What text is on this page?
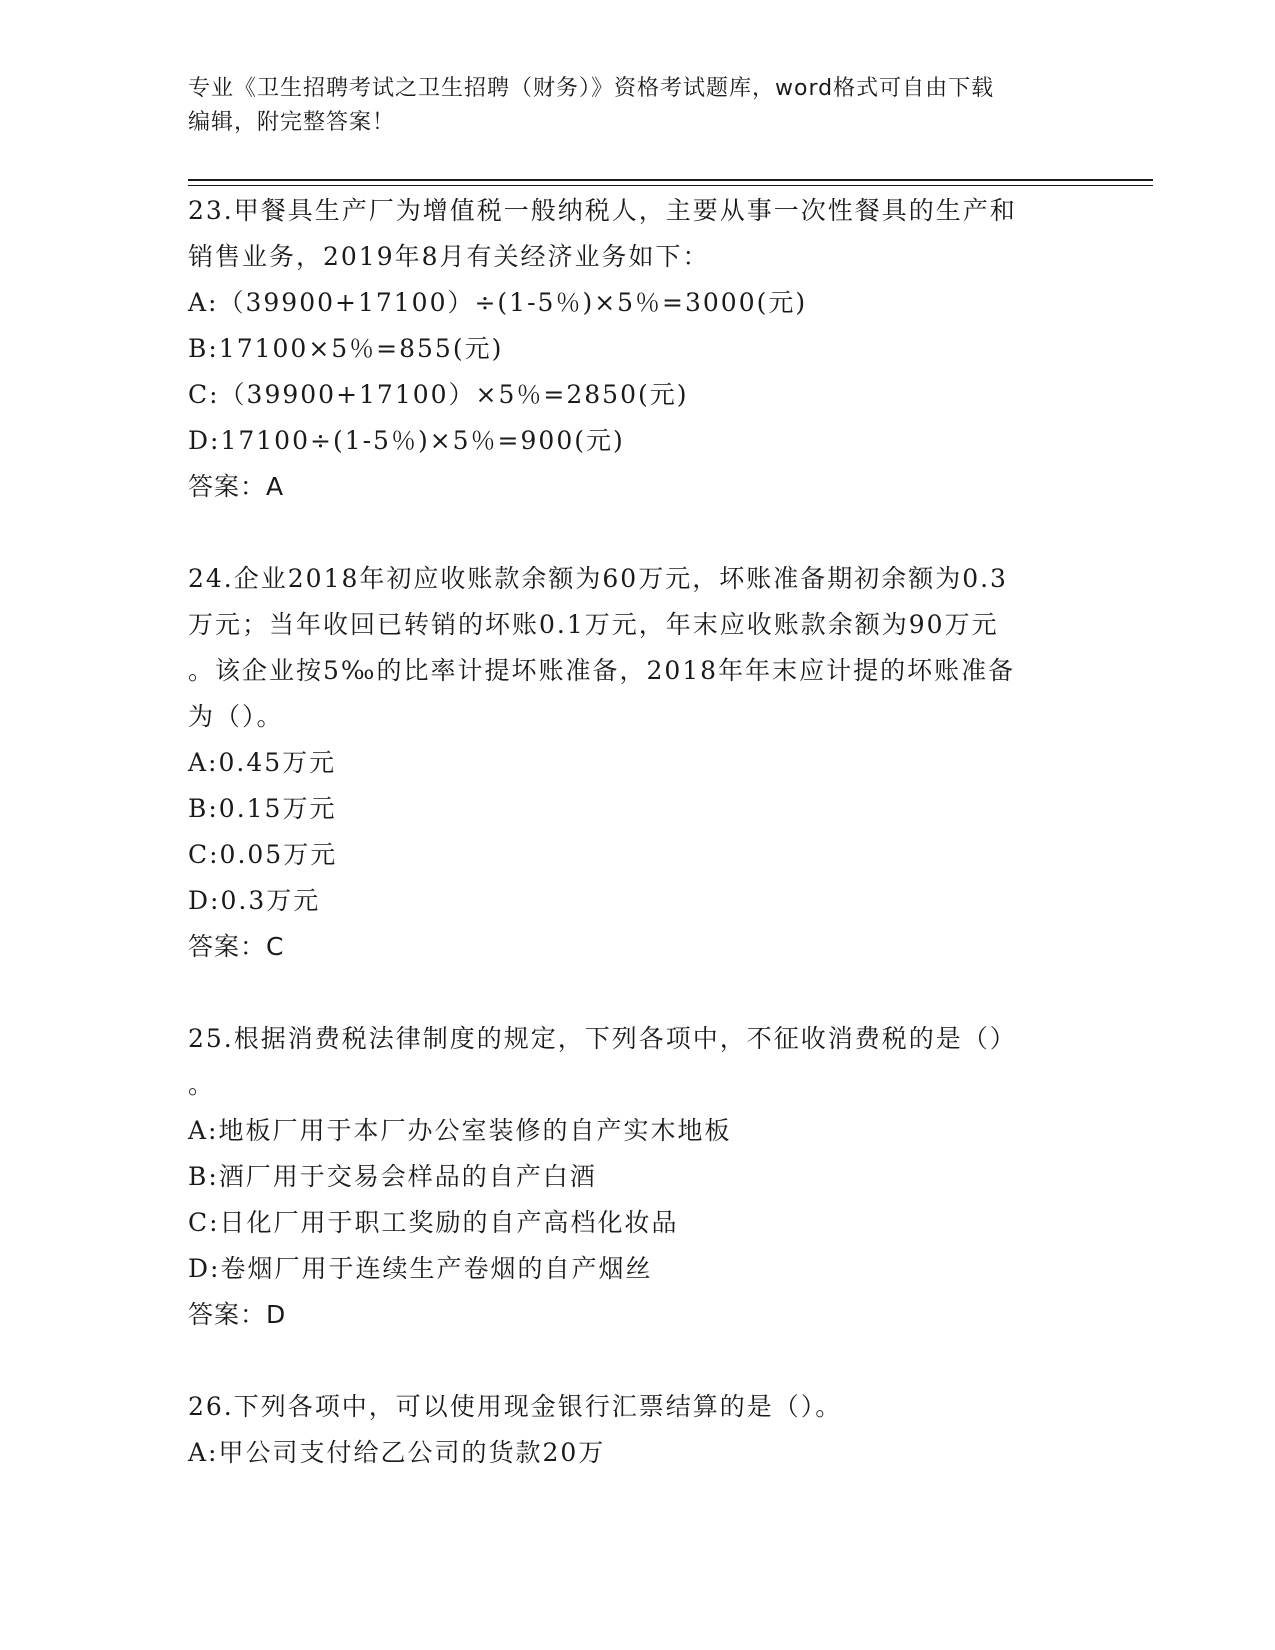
专业《卫生招聘考试之卫生招聘（财务）》资格考试题库，word格式可自由下载
编辑，附完整答案！
23.甲餐具生产厂为增值税一般纳税人，主要从事一次性餐具的生产和
销售业务，2019年8月有关经济业务如下：
A:（39900+17100）÷(1-5％)×5％=3000(元)
B:17100×5％=855(元)
C:（39900+17100）×5％=2850(元)
D:17100÷(1-5％)×5％=900(元)
答案：A
24.企业2018年初应收账款余额为60万元，坏账准备期初余额为0.3
万元；当年收回已转销的坏账0.1万元，年末应收账款余额为90万元
。该企业按5‰的比率计提坏账准备，2018年年末应计提的坏账准备
为（）。
A:0.45万元
B:0.15万元
C:0.05万元
D:0.3万元
答案：C
25.根据消费税法律制度的规定，下列各项中，不征收消费税的是（）
。
A:地板厂用于本厂办公室装修的自产实木地板
B:酒厂用于交易会样品的自产白酒
C:日化厂用于职工奖励的自产高档化妆品
D:卷烟厂用于连续生产卷烟的自产烟丝
答案：D
26.下列各项中，可以使用现金银行汇票结算的是（）。
A:甲公司支付给乙公司的货款20万
